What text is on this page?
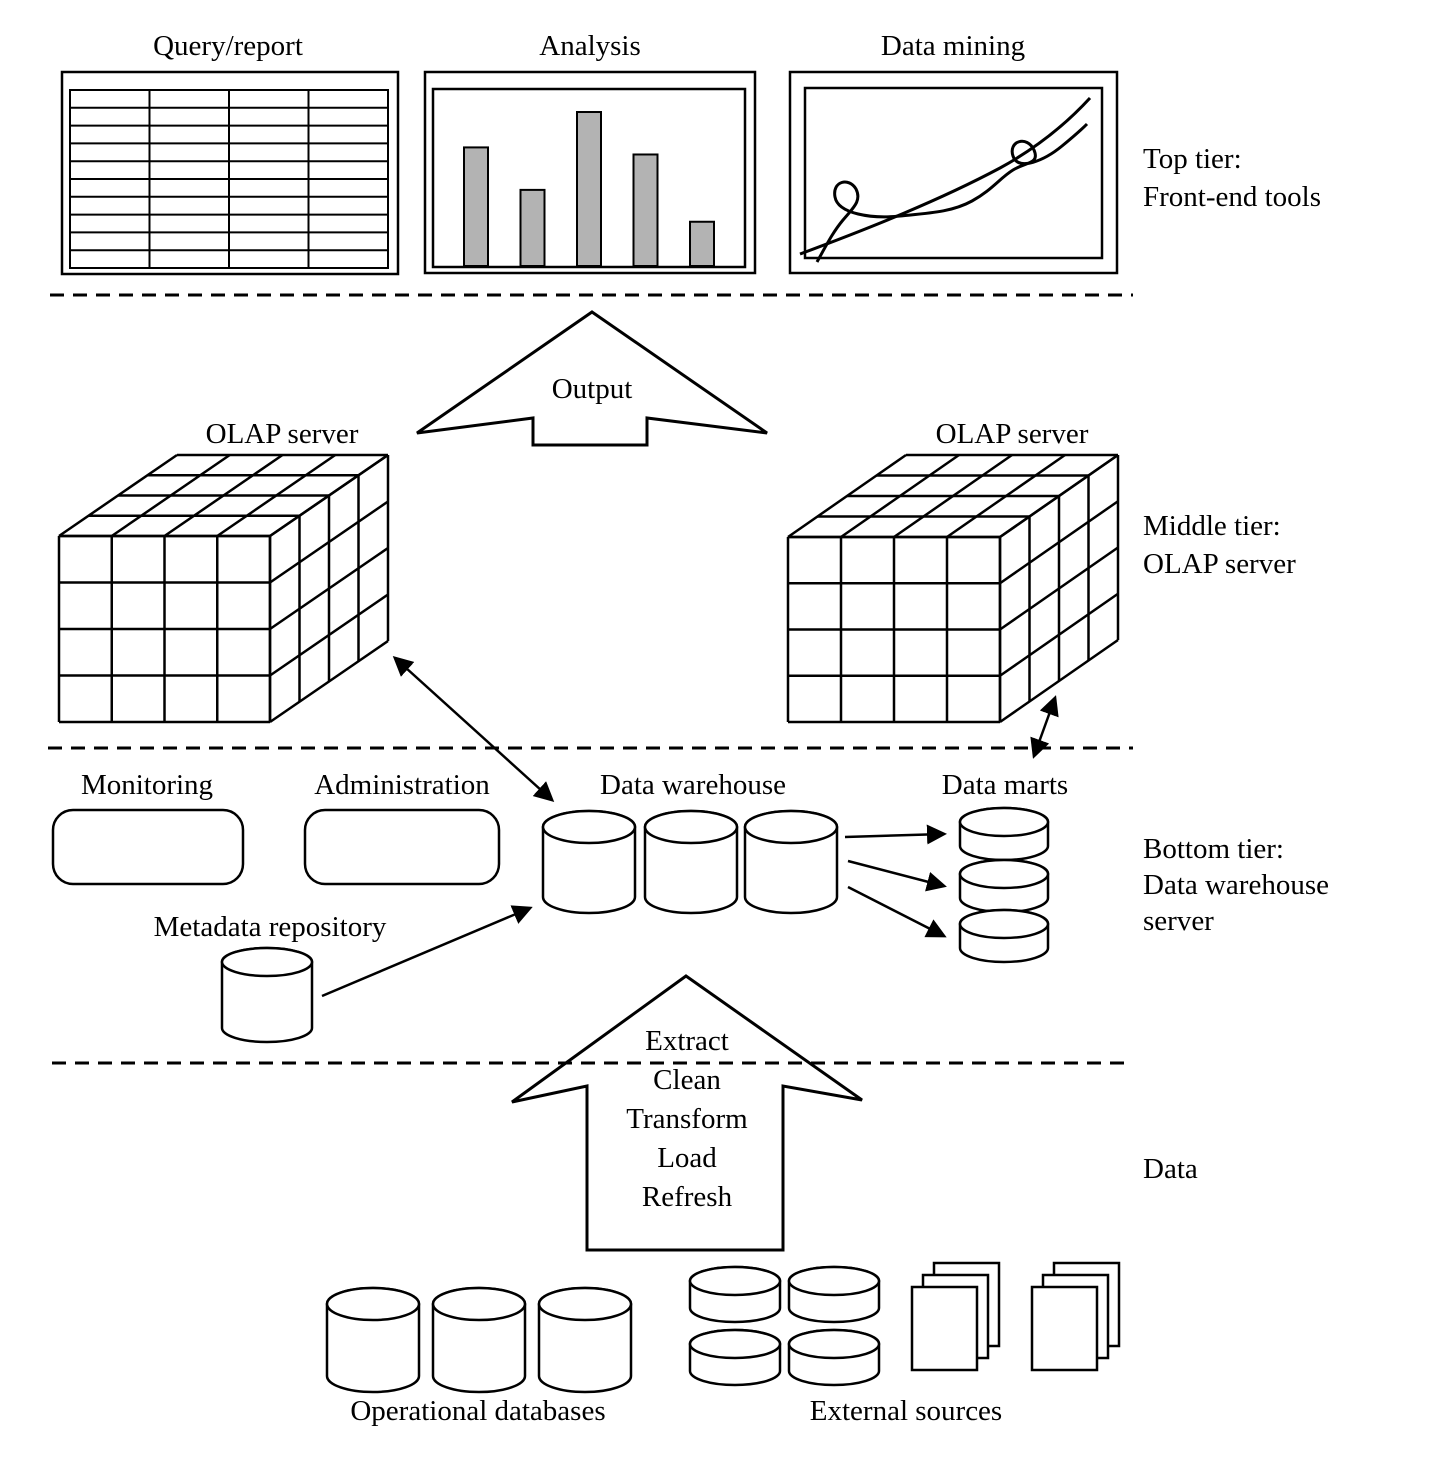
Query/report	Analysis	Data mining
Top tier:
Front-end tools
Output
OLAP server	OLAP server
Middle tier:
OLAP server
Monitoring	Administration	Data warehouse	Data marts
Bottom tier:
Data warehouse
server
Metadata repository
Extract
Clean
Transform
Load
Refresh
Data
Operational databases	External sources
